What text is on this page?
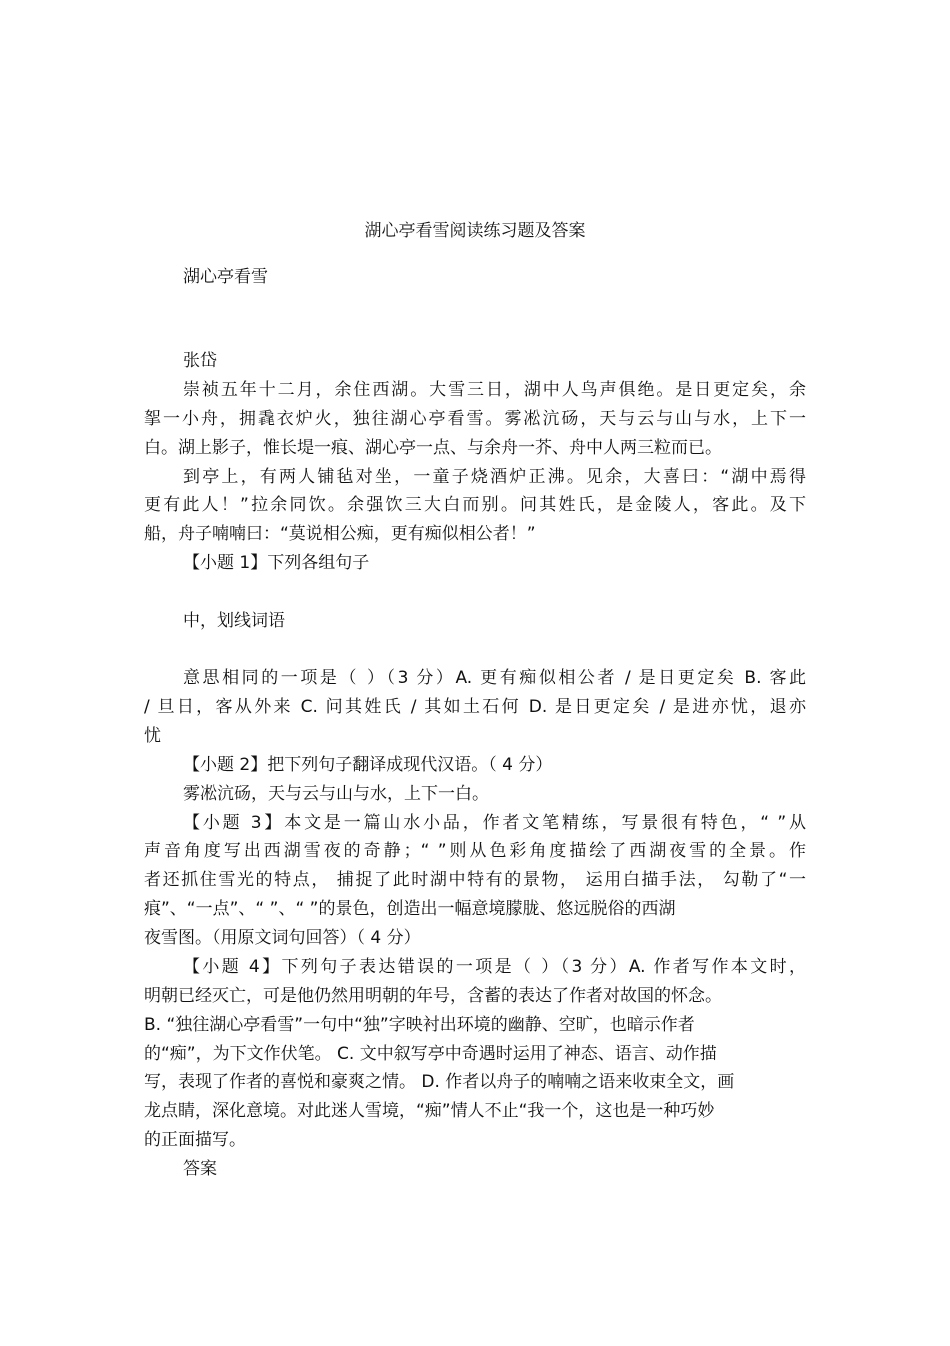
湖心亭看雪阅读练习题及答案

湖心亭看雪

张岱

崇祯五年十二月，余住西湖。大雪三日，湖中人鸟声俱绝。是日更定矣，余

挐一小舟，拥毳衣炉火，独往湖心亭看雪。雾凇沆砀，天与云与山与水，上下一

白。湖上影子，惟长堤一痕、湖心亭一点、与余舟一芥、舟中人两三粒而已。

到亭上，有两人铺毡对坐，一童子烧酒炉正沸。见余，大喜曰：“湖中焉得

更有此人！”拉余同饮。余强饮三大白而别。问其姓氏，是金陵人，客此。及下

船，舟子喃喃曰：“莫说相公痴，更有痴似相公者！”

【小题 1】下列各组句子

中，划线词语

意思相同的一项是（ ）（3 分）A. 更有痴似相公者 / 是日更定矣 B. 客此

/ 旦日，客从外来 C. 问其姓氏 / 其如土石何 D. 是日更定矣 / 是进亦忧，退亦

忧

【小题 2】把下列句子翻译成现代汉语。（ 4 分）

雾凇沆砀，天与云与山与水，上下一白。

【小题 3】本文是一篇山水小品，作者文笔精练，写景很有特色，“ ”从

声音角度写出西湖雪夜的奇静；“ ”则从色彩角度描绘了西湖夜雪的全景。作

者还抓住雪光的特点， 捕捉了此时湖中特有的景物， 运用白描手法， 勾勒了“一

痕”、“一点”、“ ”、“ ”的景色，创造出一幅意境朦胧、悠远脱俗的西湖

夜雪图。（用原文词句回答）（ 4 分）

【小题 4】下列句子表达错误的一项是（ ）（3 分）A. 作者写作本文时，

明朝已经灭亡，可是他仍然用明朝的年号，含蓄的表达了作者对故国的怀念。

B. “独往湖心亭看雪”一句中“独”字映衬出环境的幽静、空旷，也暗示作者

的“痴”，为下文作伏笔。 C. 文中叙写亭中奇遇时运用了神态、语言、动作描

写，表现了作者的喜悦和豪爽之情。 D. 作者以舟子的喃喃之语来收束全文，画

龙点睛，深化意境。对此迷人雪境，“痴”情人不止“我一个，这也是一种巧妙

的正面描写。

答案
